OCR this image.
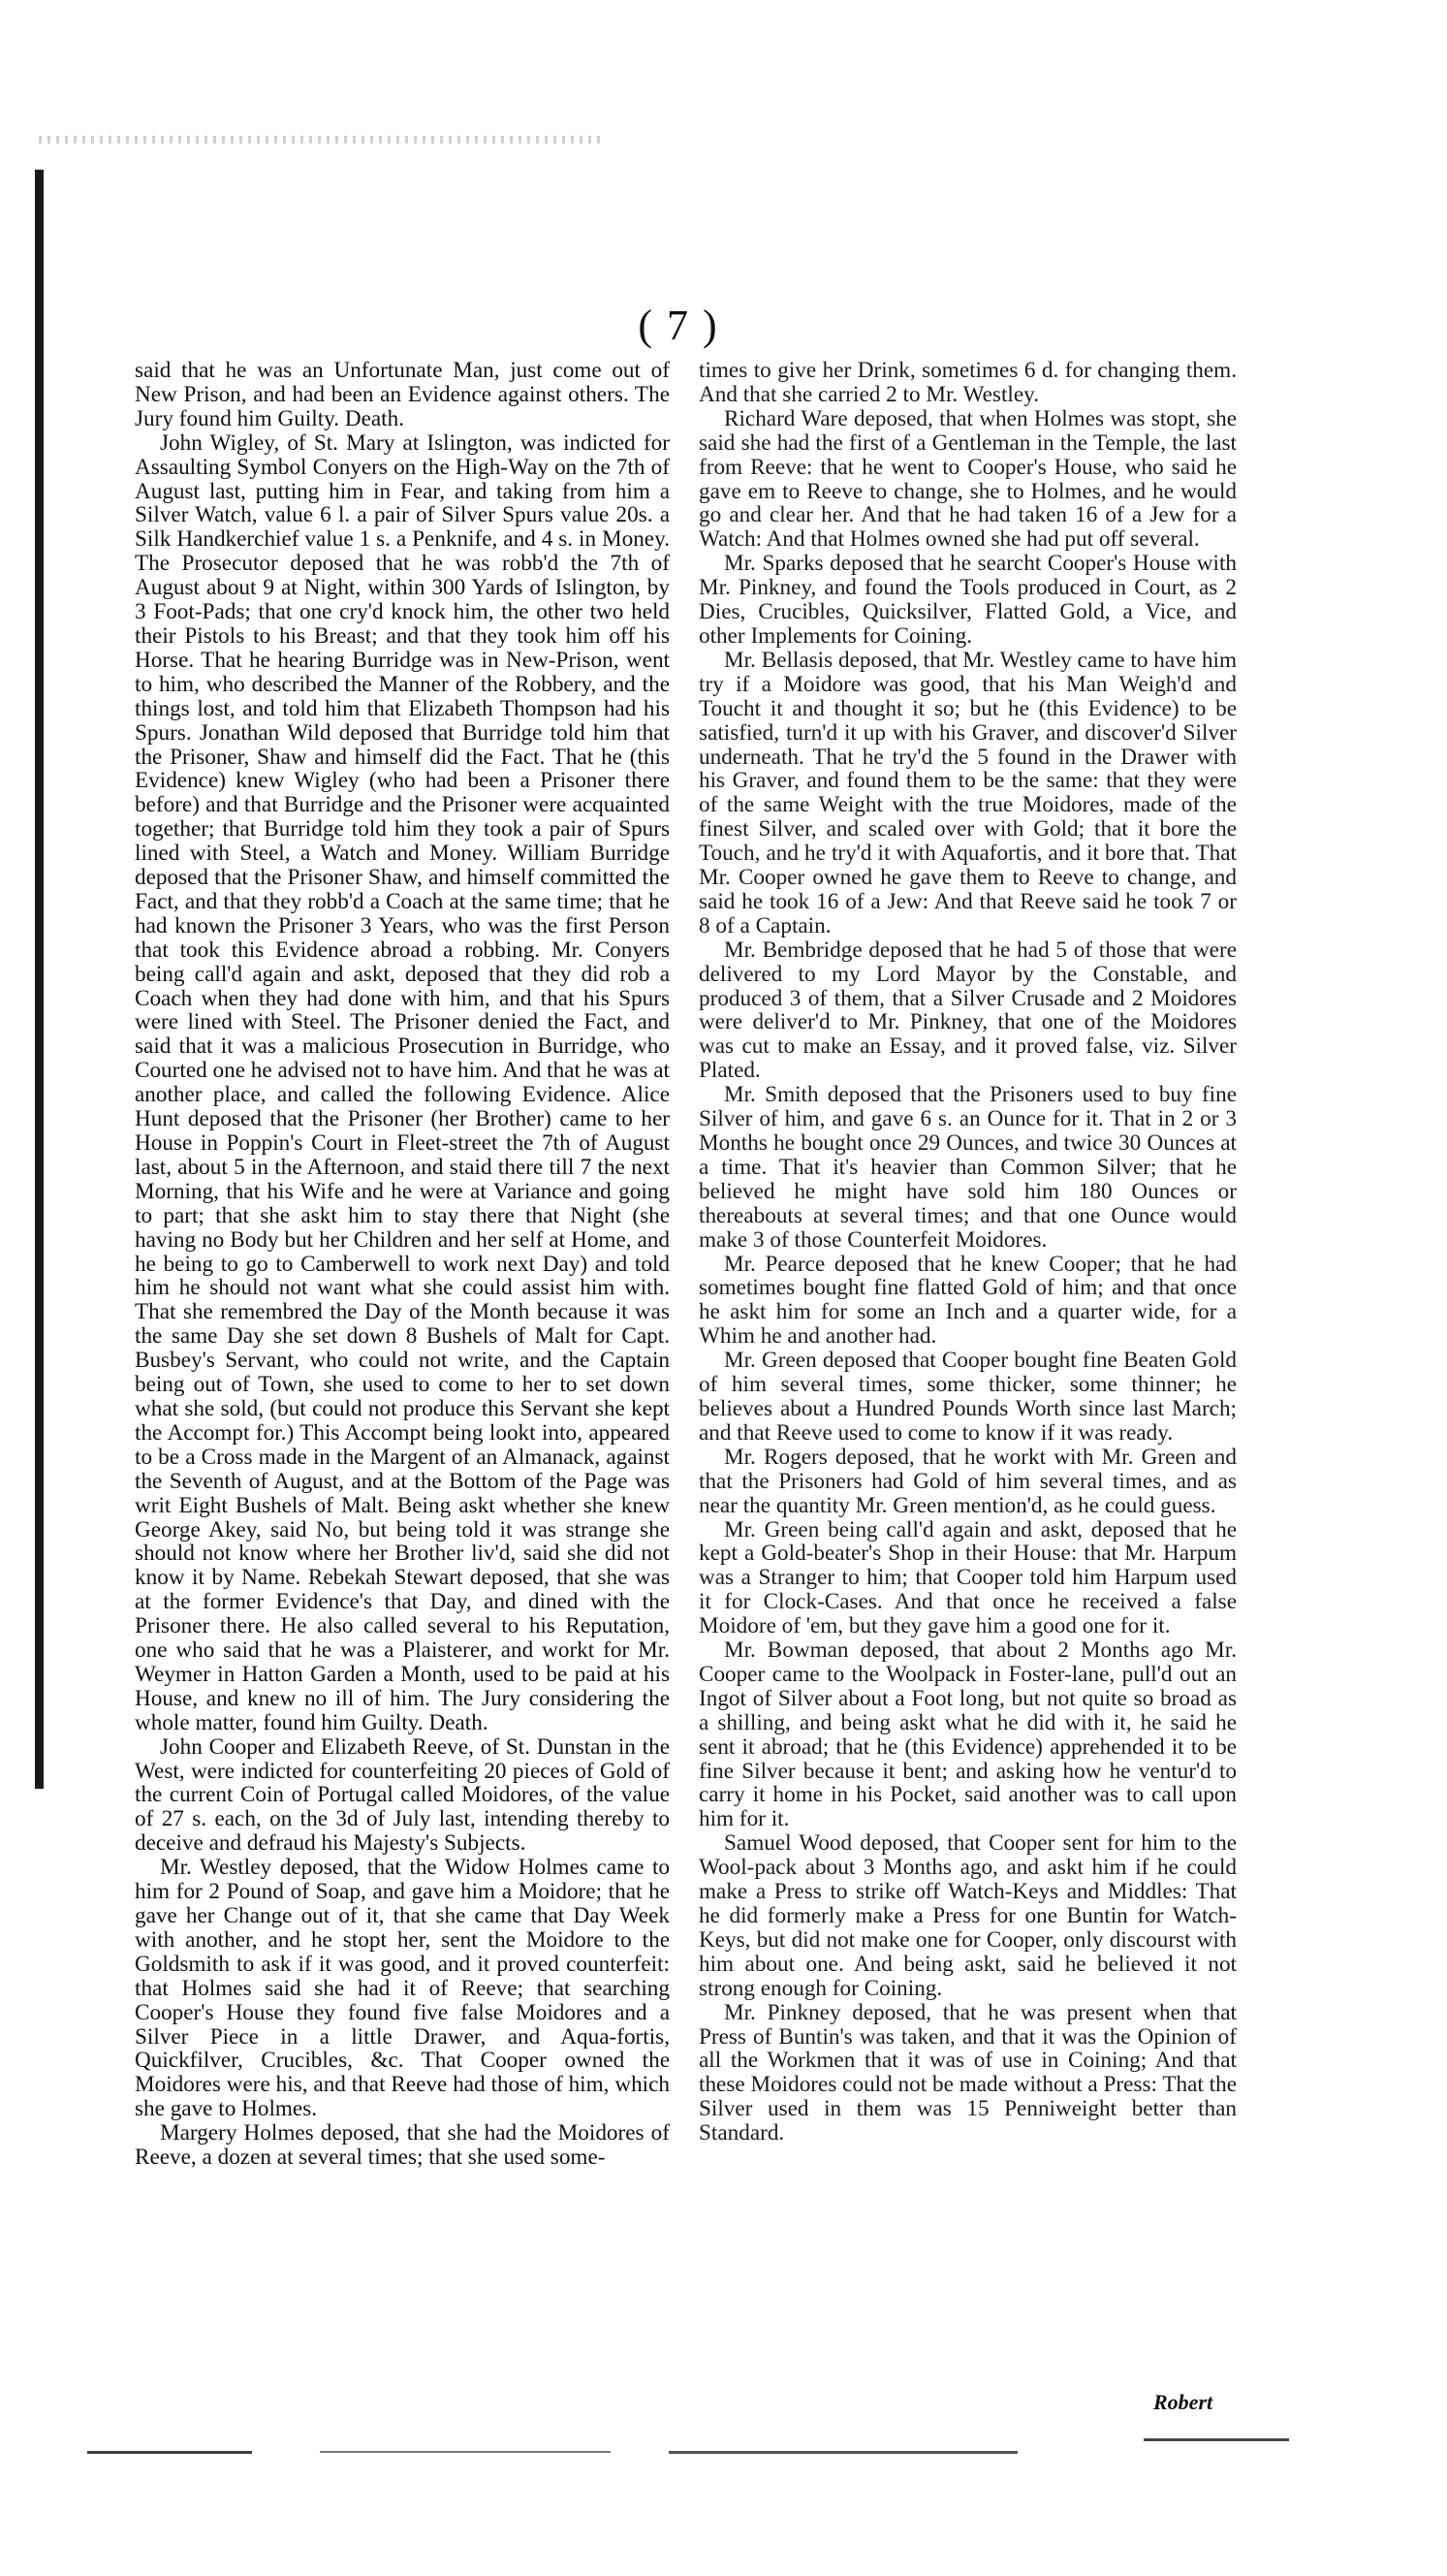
( 7 )

said that he was an Unfortunate Man, just come out of New Prison, and had been an Evidence against others. The Jury found him Guilty. Death.

John Wigley, of St. Mary at Islington, was indicted for Assaulting Symbol Conyers on the High-Way on the 7th of August last, putting him in Fear, and taking from him a Silver Watch, value 6 l. a pair of Silver Spurs value 20s. a Silk Handkerchief value 1 s. a Penknife, and 4 s. in Money. The Prosecutor deposed that he was robb'd the 7th of August about 9 at Night, within 300 Yards of Islington, by 3 Foot-Pads; that one cry'd knock him, the other two held their Pistols to his Breast; and that they took him off his Horse. That he hearing Burridge was in New-Prison, went to him, who described the Manner of the Robbery, and the things lost, and told him that Elizabeth Thompson had his Spurs. Jonathan Wild deposed that Burridge told him that the Prisoner, Shaw and himself did the Fact. That he (this Evidence) knew Wigley (who had been a Prisoner there before) and that Burridge and the Prisoner were acquainted together; that Burridge told him they took a pair of Spurs lined with Steel, a Watch and Money. William Burridge deposed that the Prisoner Shaw, and himself committed the Fact, and that they robb'd a Coach at the same time; that he had known the Prisoner 3 Years, who was the first Person that took this Evidence abroad a robbing. Mr. Conyers being call'd again and askt, deposed that they did rob a Coach when they had done with him, and that his Spurs were lined with Steel. The Prisoner denied the Fact, and said that it was a malicious Prosecution in Burridge, who Courted one he advised not to have him. And that he was at another place, and called the following Evidence. Alice Hunt deposed that the Prisoner (her Brother) came to her House in Poppin's Court in Fleet-street the 7th of August last, about 5 in the Afternoon, and staid there till 7 the next Morning, that his Wife and he were at Variance and going to part; that she askt him to stay there that Night (she having no Body but her Children and her self at Home, and he being to go to Camberwell to work next Day) and told him he should not want what she could assist him with. That she remembred the Day of the Month because it was the same Day she set down 8 Bushels of Malt for Capt. Busbey's Servant, who could not write, and the Captain being out of Town, she used to come to her to set down what she sold, (but could not produce this Servant she kept the Accompt for.) This Accompt being lookt into, appeared to be a Cross made in the Margent of an Almanack, against the Seventh of August, and at the Bottom of the Page was writ Eight Bushels of Malt. Being askt whether she knew George Akey, said No, but being told it was strange she should not know where her Brother liv'd, said she did not know it by Name. Rebekah Stewart deposed, that she was at the former Evidence's that Day, and dined with the Prisoner there. He also called several to his Reputation, one who said that he was a Plaisterer, and workt for Mr. Weymer in Hatton Garden a Month, used to be paid at his House, and knew no ill of him. The Jury considering the whole matter, found him Guilty. Death.

John Cooper and Elizabeth Reeve, of St. Dunstan in the West, were indicted for counterfeiting 20 pieces of Gold of the current Coin of Portugal called Moidores, of the value of 27 s. each, on the 3d of July last, intending thereby to deceive and defraud his Majesty's Subjects.

Mr. Westley deposed, that the Widow Holmes came to him for 2 Pound of Soap, and gave him a Moidore; that he gave her Change out of it, that she came that Day Week with another, and he stopt her, sent the Moidore to the Goldsmith to ask if it was good, and it proved counterfeit: that Holmes said she had it of Reeve; that searching Cooper's House they found five false Moidores and a Silver Piece in a little Drawer, and Aqua-fortis, Quickfilver, Crucibles, &c. That Cooper owned the Moidores were his, and that Reeve had those of him, which she gave to Holmes.

Margery Holmes deposed, that she had the Moidores of Reeve, a dozen at several times; that she used some-

times to give her Drink, sometimes 6 d. for changing them. And that she carried 2 to Mr. Westley.

Richard Ware deposed, that when Holmes was stopt, she said she had the first of a Gentleman in the Temple, the last from Reeve: that he went to Cooper's House, who said he gave em to Reeve to change, she to Holmes, and he would go and clear her. And that he had taken 16 of a Jew for a Watch: And that Holmes owned she had put off several.

Mr. Sparks deposed that he searcht Cooper's House with Mr. Pinkney, and found the Tools produced in Court, as 2 Dies, Crucibles, Quicksilver, Flatted Gold, a Vice, and other Implements for Coining.

Mr. Bellasis deposed, that Mr. Westley came to have him try if a Moidore was good, that his Man Weigh'd and Toucht it and thought it so; but he (this Evidence) to be satisfied, turn'd it up with his Graver, and discover'd Silver underneath. That he try'd the 5 found in the Drawer with his Graver, and found them to be the same: that they were of the same Weight with the true Moidores, made of the finest Silver, and scaled over with Gold; that it bore the Touch, and he try'd it with Aquafortis, and it bore that. That Mr. Cooper owned he gave them to Reeve to change, and said he took 16 of a Jew: And that Reeve said he took 7 or 8 of a Captain.

Mr. Bembridge deposed that he had 5 of those that were delivered to my Lord Mayor by the Constable, and produced 3 of them, that a Silver Crusade and 2 Moidores were deliver'd to Mr. Pinkney, that one of the Moidores was cut to make an Essay, and it proved false, viz. Silver Plated.

Mr. Smith deposed that the Prisoners used to buy fine Silver of him, and gave 6 s. an Ounce for it. That in 2 or 3 Months he bought once 29 Ounces, and twice 30 Ounces at a time. That it's heavier than Common Silver; that he believed he might have sold him 180 Ounces or thereabouts at several times; and that one Ounce would make 3 of those Counterfeit Moidores.

Mr. Pearce deposed that he knew Cooper; that he had sometimes bought fine flatted Gold of him; and that once he askt him for some an Inch and a quarter wide, for a Whim he and another had.

Mr. Green deposed that Cooper bought fine Beaten Gold of him several times, some thicker, some thinner; he believes about a Hundred Pounds Worth since last March; and that Reeve used to come to know if it was ready.

Mr. Rogers deposed, that he workt with Mr. Green and that the Prisoners had Gold of him several times, and as near the quantity Mr. Green mention'd, as he could guess.

Mr. Green being call'd again and askt, deposed that he kept a Gold-beater's Shop in their House: that Mr. Harpum was a Stranger to him; that Cooper told him Harpum used it for Clock-Cases. And that once he received a false Moidore of 'em, but they gave him a good one for it.

Mr. Bowman deposed, that about 2 Months ago Mr. Cooper came to the Woolpack in Foster-lane, pull'd out an Ingot of Silver about a Foot long, but not quite so broad as a shilling, and being askt what he did with it, he said he sent it abroad; that he (this Evidence) apprehended it to be fine Silver because it bent; and asking how he ventur'd to carry it home in his Pocket, said another was to call upon him for it.

Samuel Wood deposed, that Cooper sent for him to the Wool-pack about 3 Months ago, and askt him if he could make a Press to strike off Watch-Keys and Middles: That he did formerly make a Press for one Buntin for Watch-Keys, but did not make one for Cooper, only discourst with him about one. And being askt, said he believed it not strong enough for Coining.

Mr. Pinkney deposed, that he was present when that Press of Buntin's was taken, and that it was the Opinion of all the Workmen that it was of use in Coining; And that these Moidores could not be made without a Press: That the Silver used in them was 15 Penniweight better than Standard.

Robert
